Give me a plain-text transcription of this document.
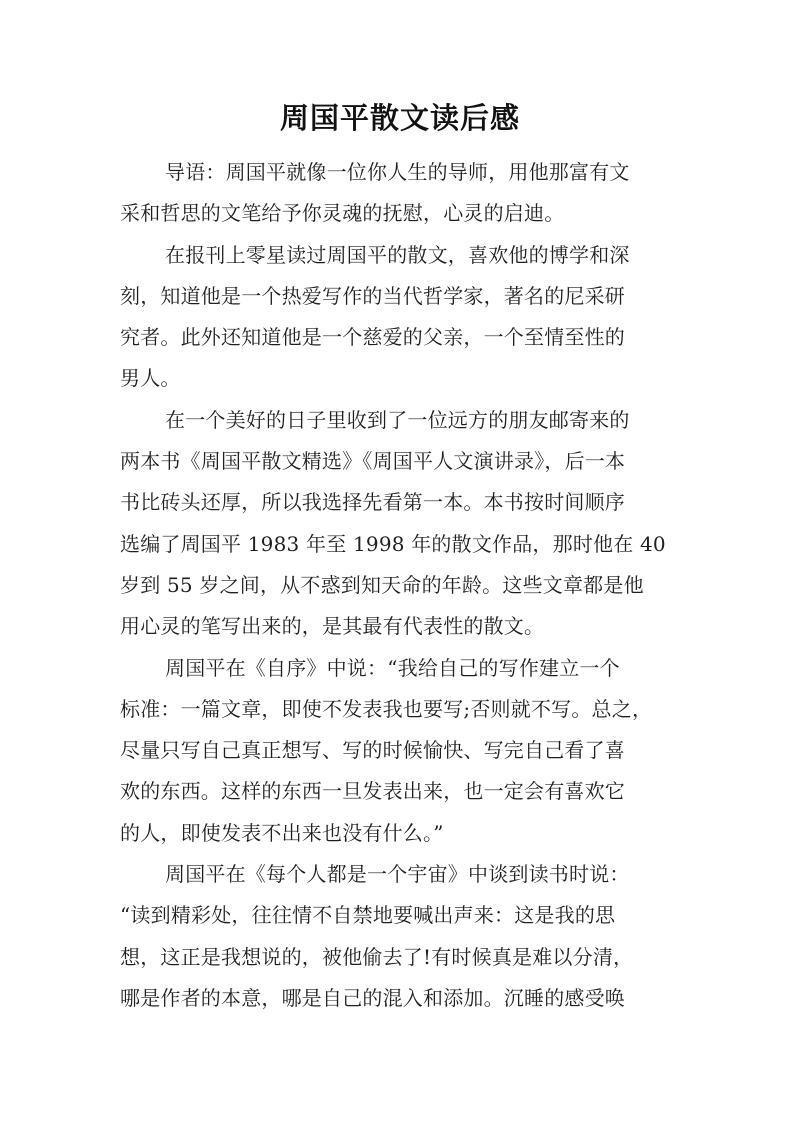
周国平散文读后感

导语：周国平就像一位你人生的导师，用他那富有文
采和哲思的文笔给予你灵魂的抚慰，心灵的启迪。

在报刊上零星读过周国平的散文，喜欢他的博学和深
刻，知道他是一个热爱写作的当代哲学家，著名的尼采研
究者。此外还知道他是一个慈爱的父亲，一个至情至性的
男人。

在一个美好的日子里收到了一位远方的朋友邮寄来的
两本书《周国平散文精选》《周国平人文演讲录》，后一本
书比砖头还厚，所以我选择先看第一本。本书按时间顺序
选编了周国平 1983 年至 1998 年的散文作品，那时他在 40
岁到 55 岁之间，从不惑到知天命的年龄。这些文章都是他
用心灵的笔写出来的，是其最有代表性的散文。

周国平在《自序》中说：“我给自己的写作建立一个
标准：一篇文章，即使不发表我也要写;否则就不写。总之，
尽量只写自己真正想写、写的时候愉快、写完自己看了喜
欢的东西。这样的东西一旦发表出来，也一定会有喜欢它
的人，即使发表不出来也没有什么。”

周国平在《每个人都是一个宇宙》中谈到读书时说：
“读到精彩处，往往情不自禁地要喊出声来：这是我的思
想，这正是我想说的，被他偷去了!有时候真是难以分清，
哪是作者的本意，哪是自己的混入和添加。沉睡的感受唤
